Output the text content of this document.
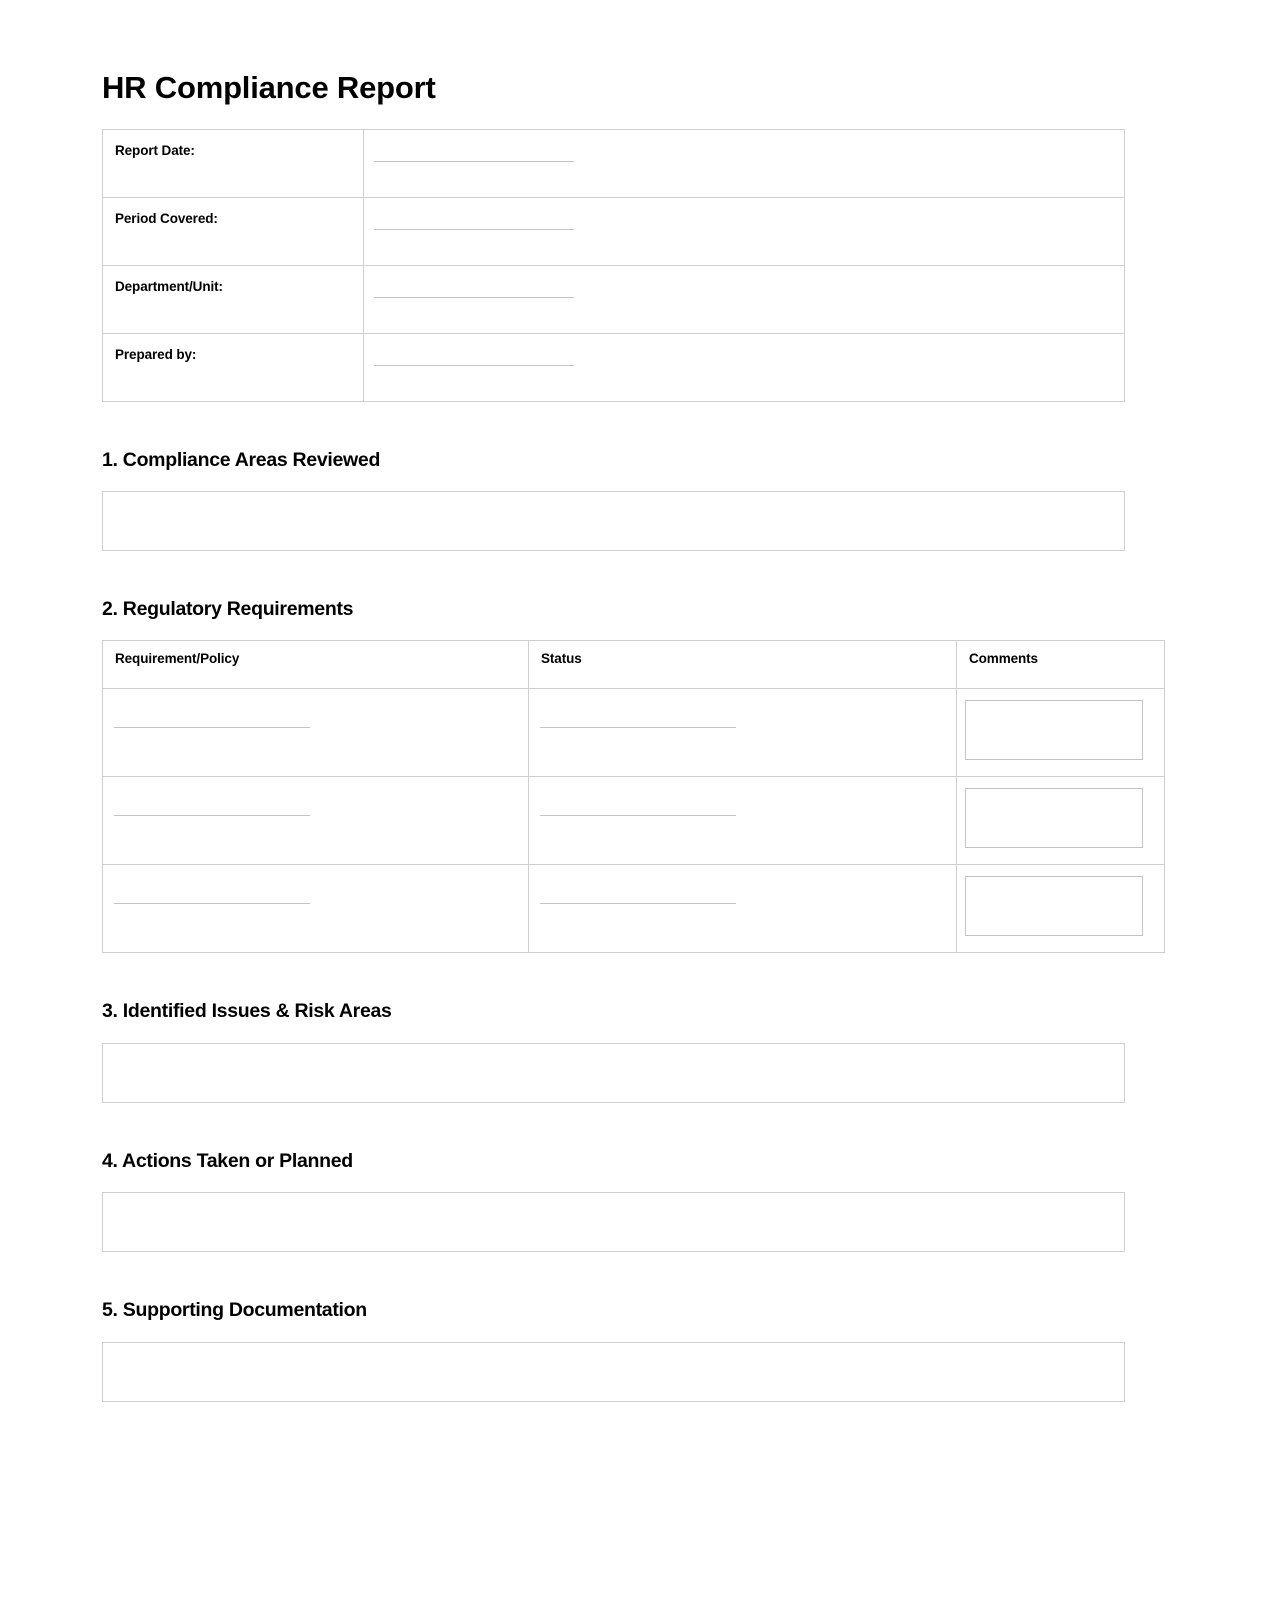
HR Compliance Report
Report Date:	

Period Covered:	

Department/Unit:	

Prepared by:	
1. Compliance Areas Reviewed
2. Regulatory Requirements
Requirement/Policy	Status	Comments

3. Identified Issues & Risk Areas
4. Actions Taken or Planned
5. Supporting Documentation
